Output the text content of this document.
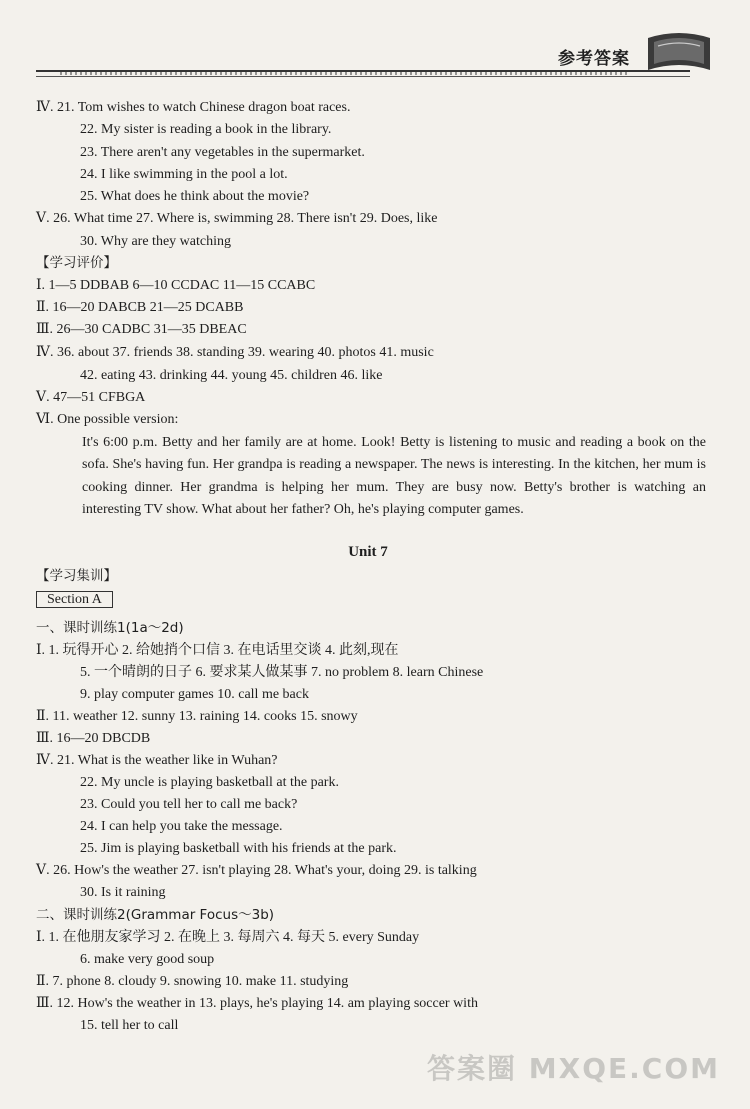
参考答案
Ⅳ. 21. Tom wishes to watch Chinese dragon boat races.
22. My sister is reading a book in the library.
23. There aren't any vegetables in the supermarket.
24. I like swimming in the pool a lot.
25. What does he think about the movie?
Ⅴ. 26. What time 27. Where is, swimming 28. There isn't 29. Does, like
30. Why are they watching
【学习评价】
Ⅰ. 1—5 DDBAB 6—10 CCDAC 11—15 CCABC
Ⅱ. 16—20 DABCB 21—25 DCABB
Ⅲ. 26—30 CADBC 31—35 DBEAC
Ⅳ. 36. about 37. friends 38. standing 39. wearing 40. photos 41. music
42. eating 43. drinking 44. young 45. children 46. like
Ⅴ. 47—51 CFBGA
Ⅵ. One possible version:
It's 6:00 p.m. Betty and her family are at home. Look! Betty is listening to music and reading a book on the sofa. She's having fun. Her grandpa is reading a newspaper. The news is interesting. In the kitchen, her mum is cooking dinner. Her grandma is helping her mum. They are busy now. Betty's brother is watching an interesting TV show. What about her father? Oh, he's playing computer games.
Unit 7
【学习集训】
Section A
一、课时训练1(1a～2d)
Ⅰ. 1. 玩得开心 2. 给她捎个口信 3. 在电话里交谈 4. 此刻,现在
5. 一个晴朗的日子 6. 要求某人做某事 7. no problem 8. learn Chinese
9. play computer games 10. call me back
Ⅱ. 11. weather 12. sunny 13. raining 14. cooks 15. snowy
Ⅲ. 16—20 DBCDB
Ⅳ. 21. What is the weather like in Wuhan?
22. My uncle is playing basketball at the park.
23. Could you tell her to call me back?
24. I can help you take the message.
25. Jim is playing basketball with his friends at the park.
Ⅴ. 26. How's the weather 27. isn't playing 28. What's your, doing 29. is talking
30. Is it raining
二、课时训练2(Grammar Focus～3b)
Ⅰ. 1. 在他朋友家学习 2. 在晚上 3. 每周六 4. 每天 5. every Sunday
6. make very good soup
Ⅱ. 7. phone 8. cloudy 9. snowing 10. make 11. studying
Ⅲ. 12. How's the weather in 13. plays, he's playing 14. am playing soccer with
15. tell her to call
答案圈 MXQE.COM
